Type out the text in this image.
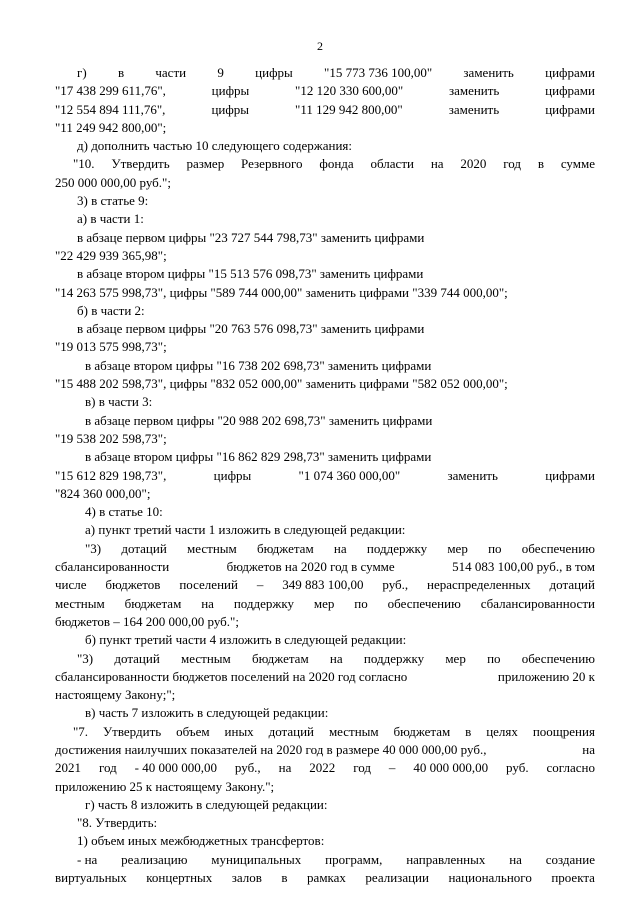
2
г) в части 9 цифры "15 773 736 100,00" заменить цифрами
"17 438 299 611,76",	цифры	"12 120 330 600,00"	заменить	цифрами
"12 554 894 111,76",	цифры	"11 129 942 800,00"	заменить	цифрами
"11 249 942 800,00";
д) дополнить частью 10 следующего содержания:
"10. Утвердить размер Резервного фонда области на 2020 год в сумме
250 000 000,00 руб.";
3) в статье 9:
а) в части 1:
в абзаце первом цифры "23 727 544 798,73" заменить цифрами
"22 429 939 365,98";
в абзаце втором цифры "15 513 576 098,73" заменить цифрами
"14 263 575 998,73", цифры "589 744 000,00" заменить цифрами "339 744 000,00";
б) в части 2:
в абзаце первом цифры "20 763 576 098,73" заменить цифрами
"19 013 575 998,73";
в абзаце втором цифры "16 738 202 698,73" заменить цифрами
"15 488 202 598,73", цифры "832 052 000,00" заменить цифрами "582 052 000,00";
в) в части 3:
в абзаце первом цифры "20 988 202 698,73" заменить цифрами
"19 538 202 598,73";
в абзаце втором цифры "16 862 829 298,73" заменить цифрами
"15 612 829 198,73",	цифры	"1 074 360 000,00"	заменить	цифрами
"824 360 000,00";
4) в статье 10:
а) пункт третий части 1 изложить в следующей редакции:
"3) дотаций местным бюджетам на поддержку мер по обеспечению
сбалансированности	бюджетов на 2020 год в сумме	514 083 100,00 руб., в том
числе бюджетов поселений – 349 883 100,00 руб., нераспределенных дотаций
местным бюджетам на поддержку мер по обеспечению сбалансированности
бюджетов – 164 200 000,00 руб.";
б) пункт третий части 4 изложить в следующей редакции:
"3) дотаций местным бюджетам на поддержку мер по обеспечению
сбалансированности бюджетов поселений на 2020 год согласно	приложению 20 к
настоящему Закону;";
в) часть 7 изложить в следующей редакции:
"7. Утвердить объем иных дотаций местным бюджетам в целях поощрения
достижения наилучших показателей на 2020 год в размере 40 000 000,00 руб.,	на
2021 год - 40 000 000,00 руб., на 2022 год – 40 000 000,00 руб. согласно
приложению 25 к настоящему Закону.";
г) часть 8 изложить в следующей редакции:
"8. Утвердить:
1) объем иных межбюджетных трансфертов:
- на реализацию муниципальных программ, направленных на создание
виртуальных концертных залов в рамках реализации национального проекта
